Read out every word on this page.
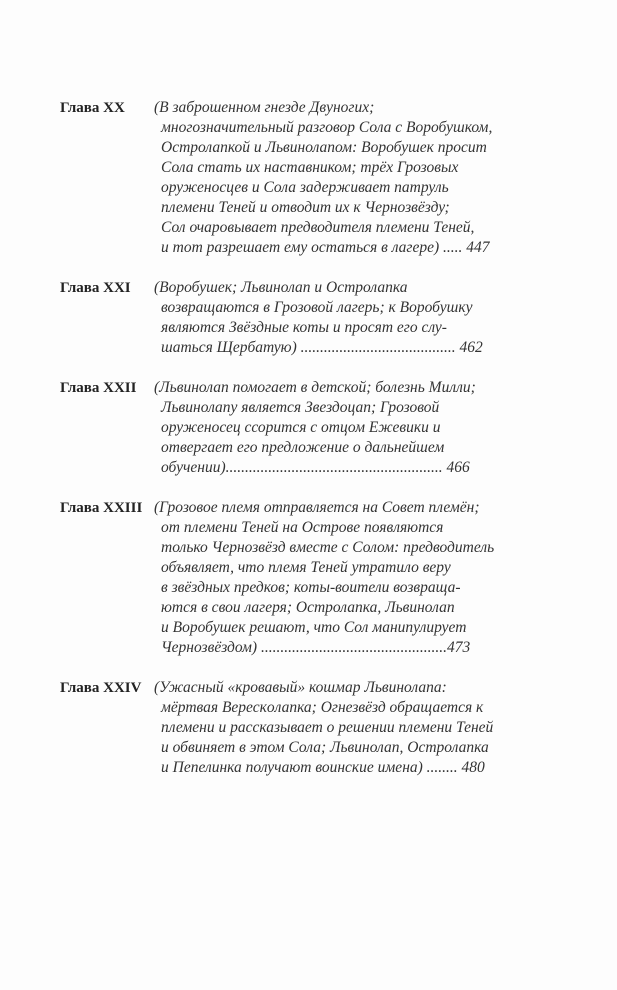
Глава XX	(В заброшенном гнезде Двуногих;
многозначительный разговор Сола с Воробушком,
Остролапкой и Львинолапом: Воробушек просит
Сола стать их наставником; трёх Грозовых
оруженосцев и Сола задерживает патруль
племени Теней и отводит их к Чернозвёзду;
Сол очаровывает предводителя племени Теней,
и тот разрешает ему остаться в лагере) ..... 447
Глава XXI	(Воробушек; Львинолап и Остролапка
возвращаются в Грозовой лагерь; к Воробушку
являются Звёздные коты и просят его слу-
шаться Щербатую) ........................................ 462
Глава XXII	(Львинолап помогает в детской; болезнь Милли;
Львинолапу является Звездоцап; Грозовой
оруженосец ссорится с отцом Ежевики и
отвергает его предложение о дальнейшем
обучении)........................................................ 466
Глава XXIII (Грозовое племя отправляется на Совет племён;
от племени Теней на Острове появляются
только Чернозвёзд вместе с Солом: предводитель
объявляет, что племя Теней утратило веру
в звёздных предков; коты-воители возвраща-
ются в свои лагеря; Остролапка, Львинолап
и Воробушек решают, что Сол манипулирует
Чернозвёздом) ................................................473
Глава XXIV (Ужасный «кровавый» кошмар Львинолапа:
мёртвая Верескoлапка; Огнезвёзд обращается к
племени и рассказывает о решении племени Теней
и обвиняет в этом Сола; Львинолап, Остролапка
и Пепелинка получают воинские имена) ........ 480
